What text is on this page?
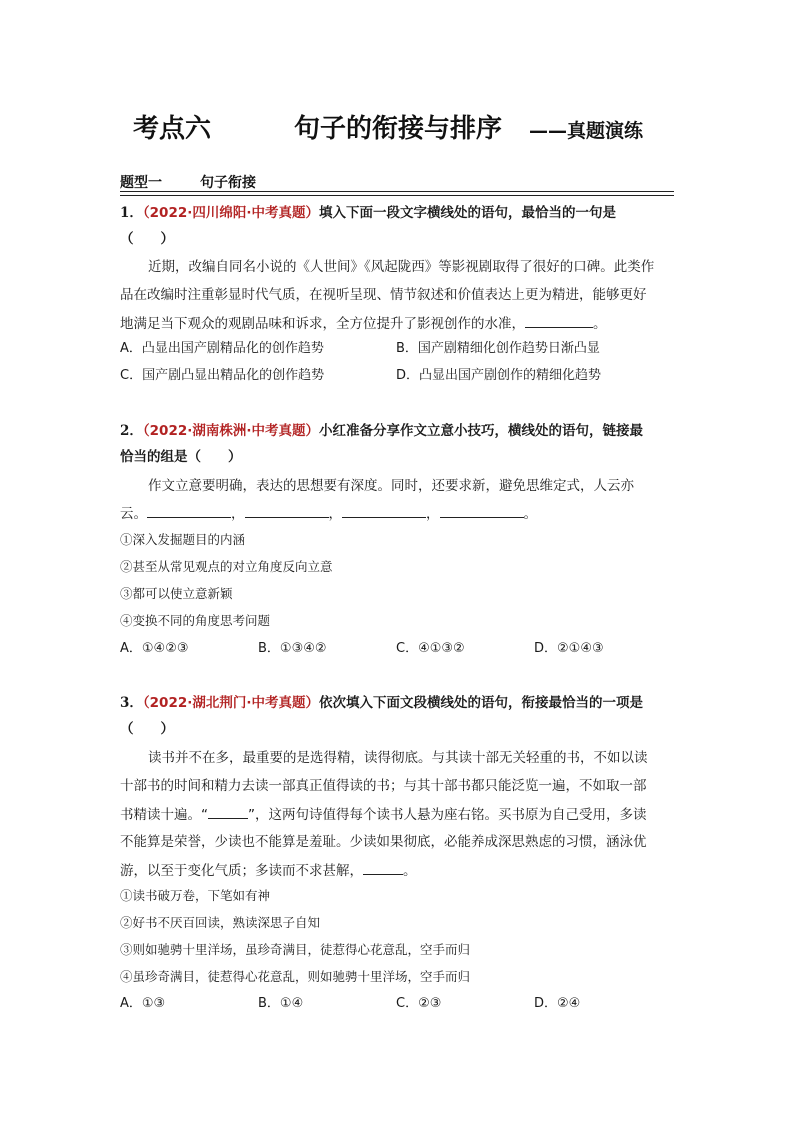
考点六	句子的衔接与排序 ——真题演练
题型一	句子衔接
1．（2022·四川绵阳·中考真题）填入下面一段文字横线处的语句，最恰当的一句是
（　　）
近期，改编自同名小说的《人世间》《风起陇西》等影视剧取得了很好的口碑。此类作
品在改编时注重彰显时代气质，在视听呈现、情节叙述和价值表达上更为精进，能够更好
地满足当下观众的观剧品味和诉求，全方位提升了影视创作的水准，	。
A．凸显出国产剧精品化的创作趋势	B．国产剧精细化创作趋势日渐凸显
C．国产剧凸显出精品化的创作趋势	D．凸显出国产剧创作的精细化趋势
2．（2022·湖南株洲·中考真题）小红准备分享作文立意小技巧，横线处的语句，链接最
恰当的组是（　　）
作文立意要明确，表达的思想要有深度。同时，还要求新，避免思维定式，人云亦
云。	，	，	，	。
①深入发掘题目的内涵
②甚至从常见观点的对立角度反向立意
③都可以使立意新颖
④变换不同的角度思考问题
A．①④②③	B．①③④②	C．④①③②	D．②①④③
3．（2022·湖北荆门·中考真题）依次填入下面文段横线处的语句，衔接最恰当的一项是
（　　）
读书并不在多，最重要的是选得精，读得彻底。与其读十部无关轻重的书，不如以读
十部书的时间和精力去读一部真正值得读的书；与其十部书都只能泛览一遍，不如取一部
书精读十遍。“	”，这两句诗值得每个读书人悬为座右铭。买书原为自己受用，多读
不能算是荣誉，少读也不能算是羞耻。少读如果彻底，必能养成深思熟虑的习惯，涵泳优
游，以至于变化气质；多读而不求甚解，	。
①读书破万卷，下笔如有神
②好书不厌百回读，熟读深思子自知
③则如驰骋十里洋场，虽珍奇满目，徒惹得心花意乱，空手而归
④虽珍奇满目，徒惹得心花意乱，则如驰骋十里洋场，空手而归
A．①③	B．①④	C．②③	D．②④
